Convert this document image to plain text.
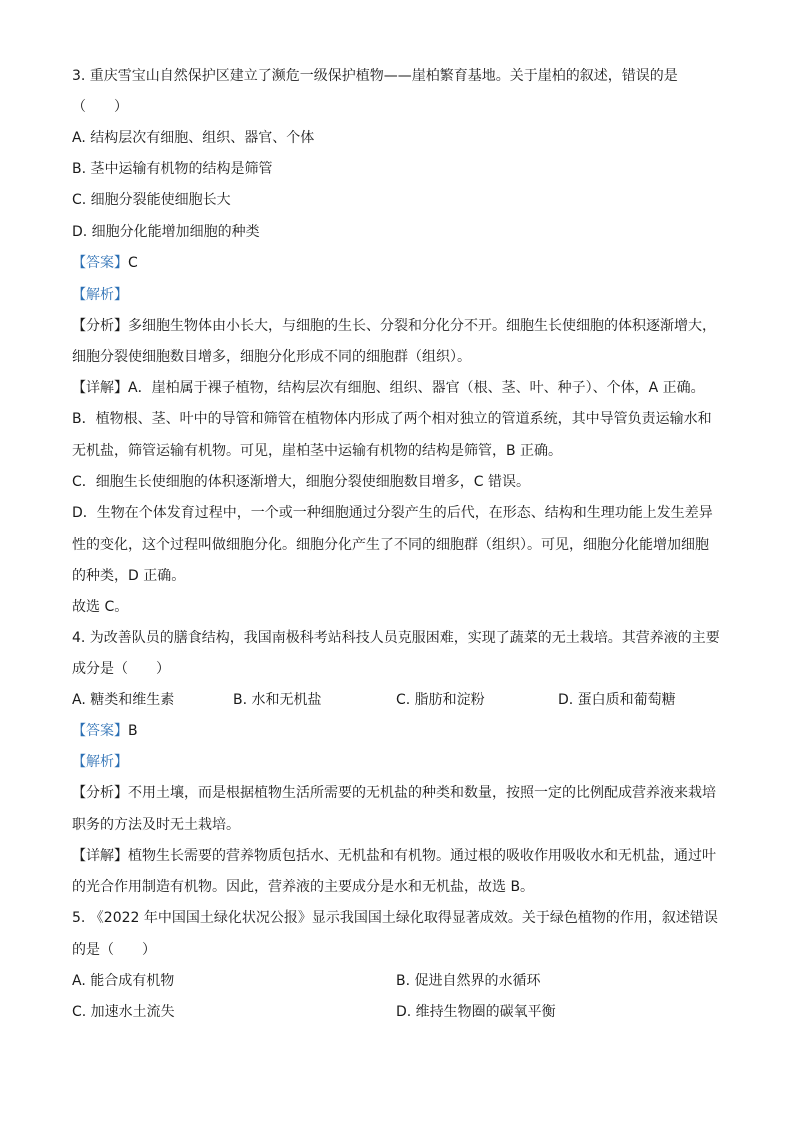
3. 重庆雪宝山自然保护区建立了濒危一级保护植物——崖柏繁育基地。关于崖柏的叙述，错误的是
（　　）
A. 结构层次有细胞、组织、器官、个体
B. 茎中运输有机物的结构是筛管
C. 细胞分裂能使细胞长大
D. 细胞分化能增加细胞的种类
【答案】C
【解析】
【分析】多细胞生物体由小长大，与细胞的生长、分裂和分化分不开。细胞生长使细胞的体积逐渐增大，
细胞分裂使细胞数目增多，细胞分化形成不同的细胞群（组织）。
【详解】A．崖柏属于裸子植物，结构层次有细胞、组织、器官（根、茎、叶、种子）、个体，A 正确。
B．植物根、茎、叶中的导管和筛管在植物体内形成了两个相对独立的管道系统，其中导管负责运输水和
无机盐，筛管运输有机物。可见，崖柏茎中运输有机物的结构是筛管，B 正确。
C．细胞生长使细胞的体积逐渐增大，细胞分裂使细胞数目增多，C 错误。
D．生物在个体发育过程中，一个或一种细胞通过分裂产生的后代，在形态、结构和生理功能上发生差异
性的变化，这个过程叫做细胞分化。细胞分化产生了不同的细胞群（组织）。可见，细胞分化能增加细胞
的种类，D 正确。
故选 C。
4. 为改善队员的膳食结构，我国南极科考站科技人员克服困难，实现了蔬菜的无土栽培。其营养液的主要
成分是（　　）
A. 糖类和维生素	B. 水和无机盐	C. 脂肪和淀粉	D. 蛋白质和葡萄糖
【答案】B
【解析】
【分析】不用土壤，而是根据植物生活所需要的无机盐的种类和数量，按照一定的比例配成营养液来栽培
职务的方法及时无土栽培。
【详解】植物生长需要的营养物质包括水、无机盐和有机物。通过根的吸收作用吸收水和无机盐，通过叶
的光合作用制造有机物。因此，营养液的主要成分是水和无机盐，故选 B。
5. 《2022 年中国国土绿化状况公报》显示我国国土绿化取得显著成效。关于绿色植物的作用，叙述错误
的是（　　）
A. 能合成有机物	B. 促进自然界的水循环
C. 加速水土流失	D. 维持生物圈的碳氧平衡
